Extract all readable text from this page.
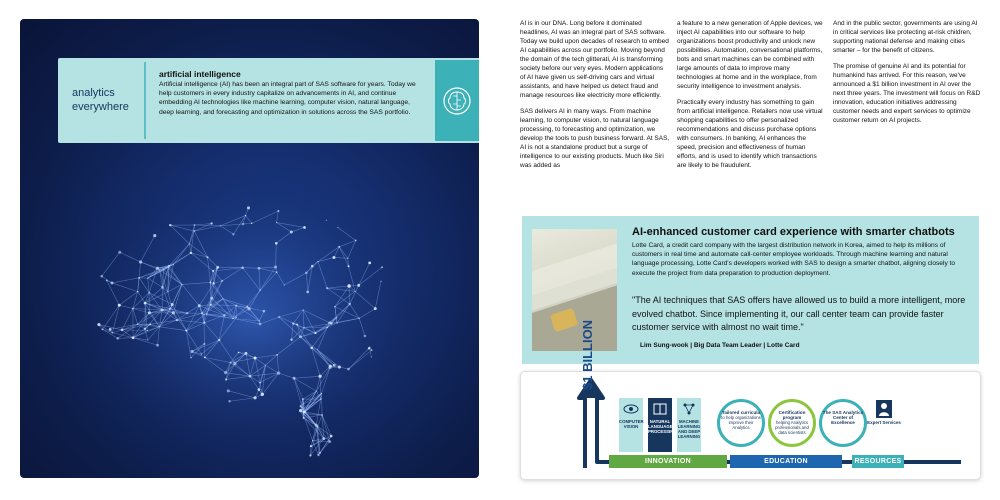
analytics everywhere
artificial intelligence
Artificial intelligence (AI) has been an integral part of SAS software for years. Today we help customers in every industry capitalize on advancements in AI, and continue embedding AI technologies like machine learning, computer vision, natural language, deep learning, and forecasting and optimization in solutions across the SAS portfolio.

AI is in our DNA. Long before it dominated headlines, AI was an integral part of SAS software. Today we build upon decades of research to embed AI capabilities across our portfolio. Moving beyond the domain of the tech glitterati, AI is transforming society before our very eyes. Modern applications of AI have given us self-driving cars and virtual assistants, and have helped us detect fraud and manage resources like electricity more efficiently.

SAS delivers AI in many ways. From machine learning, to computer vision, to natural language processing, to forecasting and optimization, we develop the tools to push business forward. At SAS, AI is not a standalone product but a surge of intelligence to our existing products. Much like Siri was added as

a feature to a new generation of Apple devices, we inject AI capabilities into our software to help organizations boost productivity and unlock new possibilities. Automation, conversational platforms, bots and smart machines can be combined with large amounts of data to improve many technologies at home and in the workplace, from security intelligence to investment analysis.

Practically every industry has something to gain from artificial intelligence. Retailers now use virtual shopping capabilities to offer personalized recommendations and discuss purchase options with consumers. In banking, AI enhances the speed, precision and effectiveness of human efforts, and is used to identify which transactions are likely to be fraudulent.

And in the public sector, governments are using AI in critical services like protecting at-risk children, supporting national defense and making cities smarter – for the benefit of citizens.

The promise of genuine AI and its potential for humankind has arrived. For this reason, we've announced a $1 billion investment in AI over the next three years. The investment will focus on R&D innovation, education initiatives addressing customer needs and expert services to optimize customer return on AI projects.

AI-enhanced customer card experience with smarter chatbots
Lotte Card, a credit card company with the largest distribution network in Korea, aimed to help its millions of customers in real time and automate call-center employee workloads. Through machine learning and natural language processing, Lotte Card's developers worked with SAS to design a smarter chatbot, aligning closely to execute the project from data preparation to production deployment.
"The AI techniques that SAS offers have allowed us to build a more intelligent, more evolved chatbot. Since implementing it, our call center team can provide faster customer service with almost no wait time."
Lim Sung-wook | Big Data Team Leader | Lotte Card
$1 BILLION
COMPUTER VISION
NATURAL LANGUAGE PROCESSING
MACHINE LEARNING AND DEEP LEARNING
Tailored curricula
to help organizations improve their Analytics
Certification program
helping Analytics professionals and data scientists
The SAS Analytics Center of Excellence	Expert Services
INNOVATION	EDUCATION	RESOURCES
